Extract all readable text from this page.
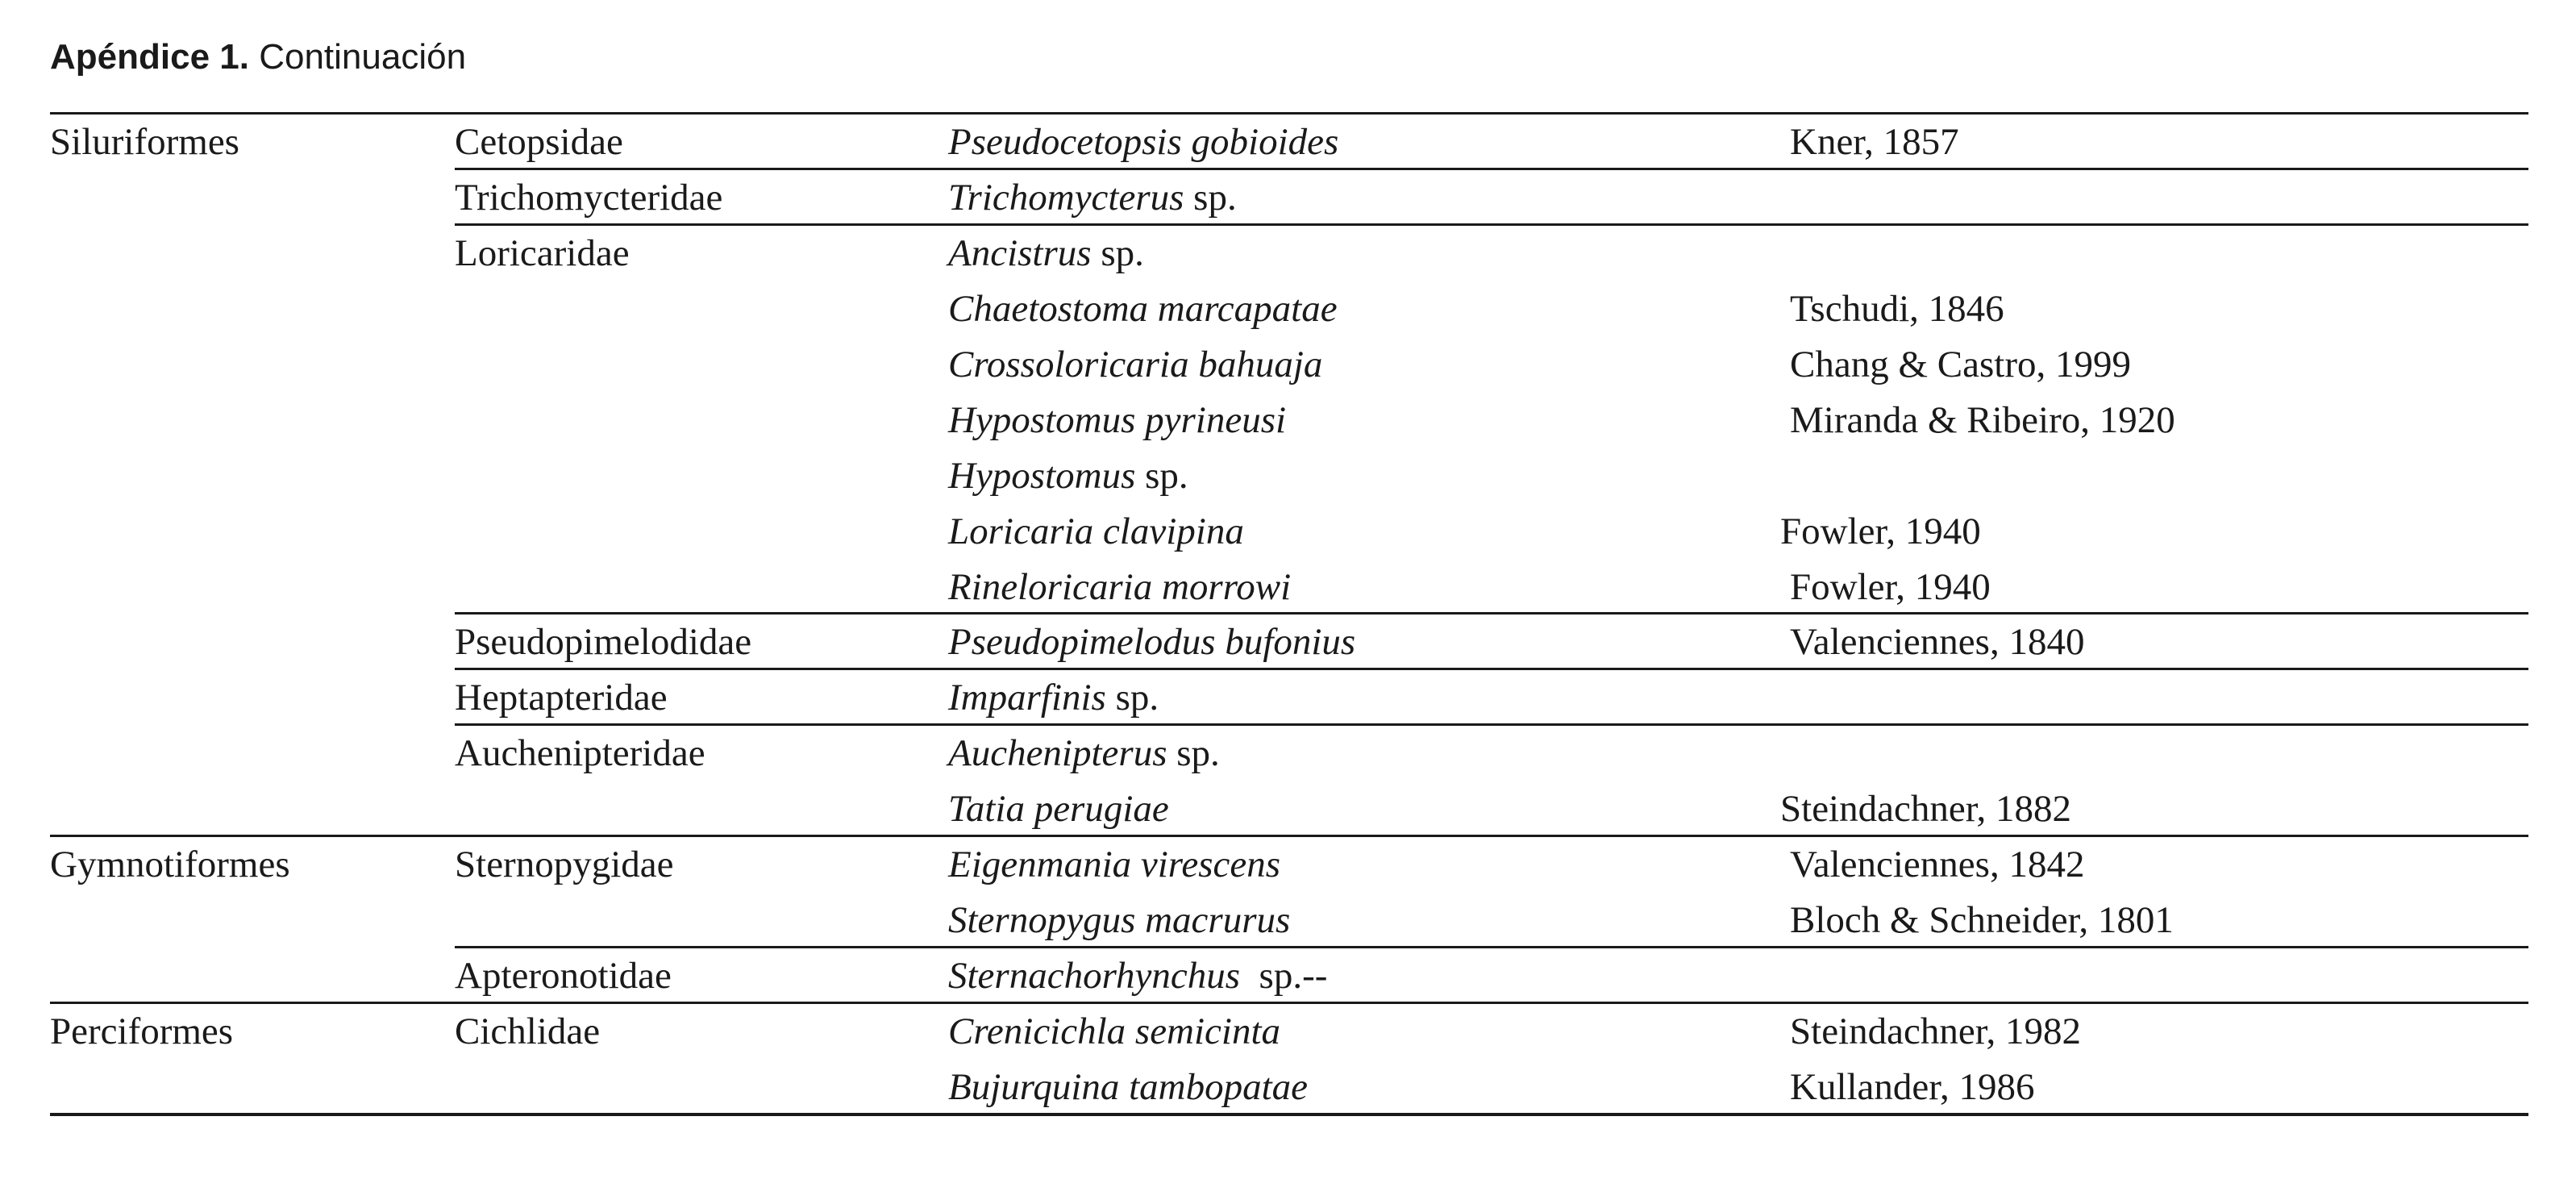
Apéndice 1. Continuación
Siluriformes	Cetopsidae	Pseudocetopsis gobioides	Kner, 1857
Trichomycteridae	Trichomycterus sp.
Loricaridae	Ancistrus sp.
Chaetostoma marcapatae	Tschudi, 1846
Crossoloricaria bahuaja	Chang & Castro, 1999
Hypostomus pyrineusi	Miranda & Ribeiro, 1920
Hypostomus sp.
Loricaria clavipina	Fowler, 1940
Rineloricaria morrowi	Fowler, 1940
Pseudopimelodidae	Pseudopimelodus bufonius	Valenciennes, 1840
Heptapteridae	Imparfinis sp.
Auchenipteridae	Auchenipterus sp.
Tatia perugiae	Steindachner, 1882
Gymnotiformes	Sternopygidae	Eigenmania virescens	Valenciennes, 1842
Sternopygus macrurus	Bloch & Schneider, 1801
Apteronotidae	Sternachorhynchus  sp.--
Perciformes	Cichlidae	Crenicichla semicinta	Steindachner, 1982
Bujurquina tambopatae	Kullander, 1986
